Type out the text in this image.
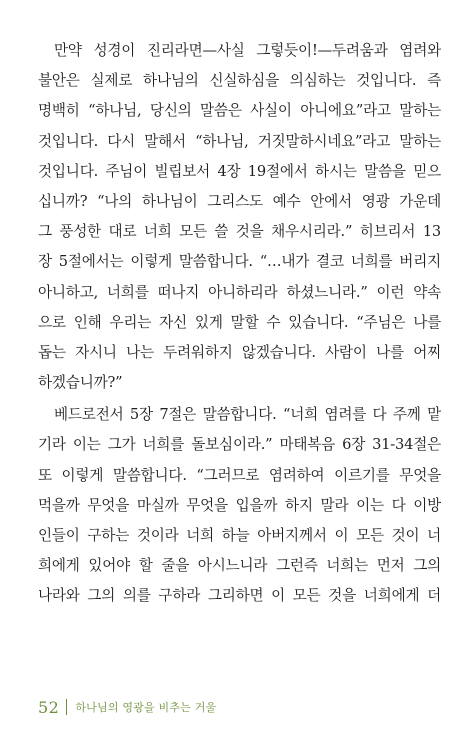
만약 성경이 진리라면—사실 그렇듯이!—두려움과 염려와
불안은 실제로 하나님의 신실하심을 의심하는 것입니다. 즉
명백히 “하나님, 당신의 말씀은 사실이 아니에요”라고 말하는
것입니다. 다시 말해서 “하나님, 거짓말하시네요”라고 말하는
것입니다. 주님이 빌립보서 4장 19절에서 하시는 말씀을 믿으
십니까? “나의 하나님이 그리스도 예수 안에서 영광 가운데
그 풍성한 대로 너희 모든 쓸 것을 채우시리라.” 히브리서 13
장 5절에서는 이렇게 말씀합니다. “…내가 결코 너희를 버리지
아니하고, 너희를 떠나지 아니하리라 하셨느니라.” 이런 약속
으로 인해 우리는 자신 있게 말할 수 있습니다. “주님은 나를
돕는 자시니 나는 두려워하지 않겠습니다. 사람이 나를 어찌
하겠습니까?”
베드로전서 5장 7절은 말씀합니다. “너희 염려를 다 주께 맡
기라 이는 그가 너희를 돌보심이라.” 마태복음 6장 31-34절은
또 이렇게 말씀합니다. “그러므로 염려하여 이르기를 무엇을
먹을까 무엇을 마실까 무엇을 입을까 하지 말라 이는 다 이방
인들이 구하는 것이라 너희 하늘 아버지께서 이 모든 것이 너
희에게 있어야 할 줄을 아시느니라 그런즉 너희는 먼저 그의
나라와 그의 의를 구하라 그리하면 이 모든 것을 너희에게 더
52 하나님의 영광을 비추는 거울
